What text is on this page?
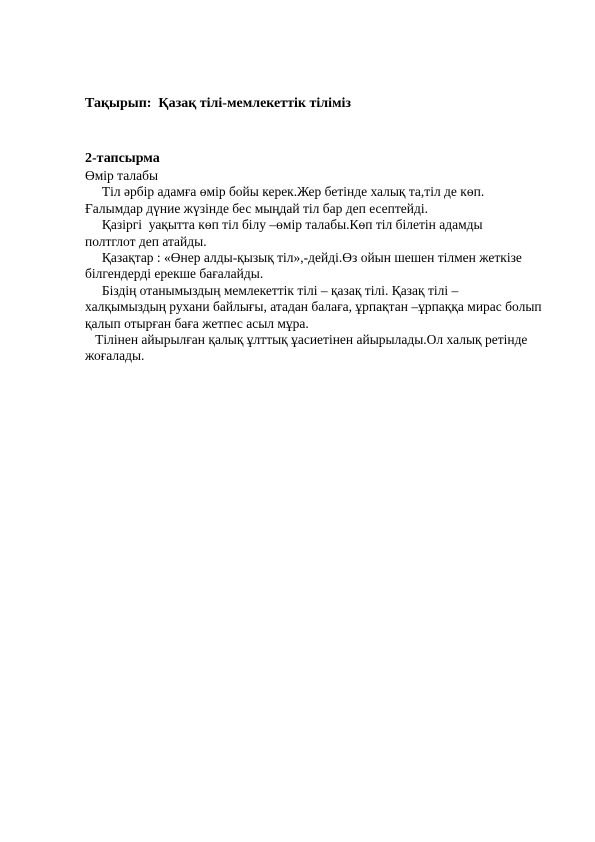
Тақырып:  Қазақ тілі-мемлекеттік тіліміз
2-тапсырма
Өмір талабы
Тіл әрбір адамға өмір бойы керек.Жер бетінде халық та,тіл де көп.
Ғалымдар дүние жүзінде бес мыңдай тіл бар деп есептейді.
Қазіргі  уақытта көп тіл білу –өмір талабы.Көп тіл білетін адамды
полтглот деп атайды.
Қазақтар : «Өнер алды-қызық тіл»,-дейді.Өз ойын шешен тілмен жеткізе
білгендерді ерекше бағалайды.
Біздің отанымыздың мемлекеттік тілі – қазақ тілі. Қазақ тілі –
халқымыздың рухани байлығы, атадан балаға, ұрпақтан –ұрпаққа мирас болып
қалып отырған баға жетпес асыл мұра.
Тілінен айырылған қалық ұлттық ұасиетінен айырылады.Ол халық ретінде
жоғалады.
